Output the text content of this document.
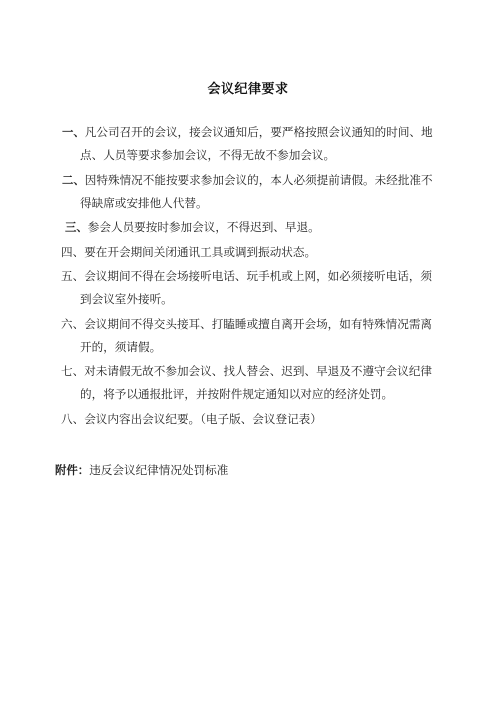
会议纪律要求
一、凡公司召开的会议，接会议通知后，要严格按照会议通知的时间、地
点、人员等要求参加会议，不得无故不参加会议。
二、因特殊情况不能按要求参加会议的，本人必须提前请假。未经批准不
得缺席或安排他人代替。
三、参会人员要按时参加会议，不得迟到、早退。
四、要在开会期间关闭通讯工具或调到振动状态。
五、会议期间不得在会场接听电话、玩手机或上网，如必须接听电话，须
到会议室外接听。
六、会议期间不得交头接耳、打瞌睡或擅自离开会场，如有特殊情况需离
开的，须请假。
七、对未请假无故不参加会议、找人替会、迟到、早退及不遵守会议纪律
的，将予以通报批评，并按附件规定通知以对应的经济处罚。
八、会议内容出会议纪要。（电子版、会议登记表）
附件：违反会议纪律情况处罚标准
